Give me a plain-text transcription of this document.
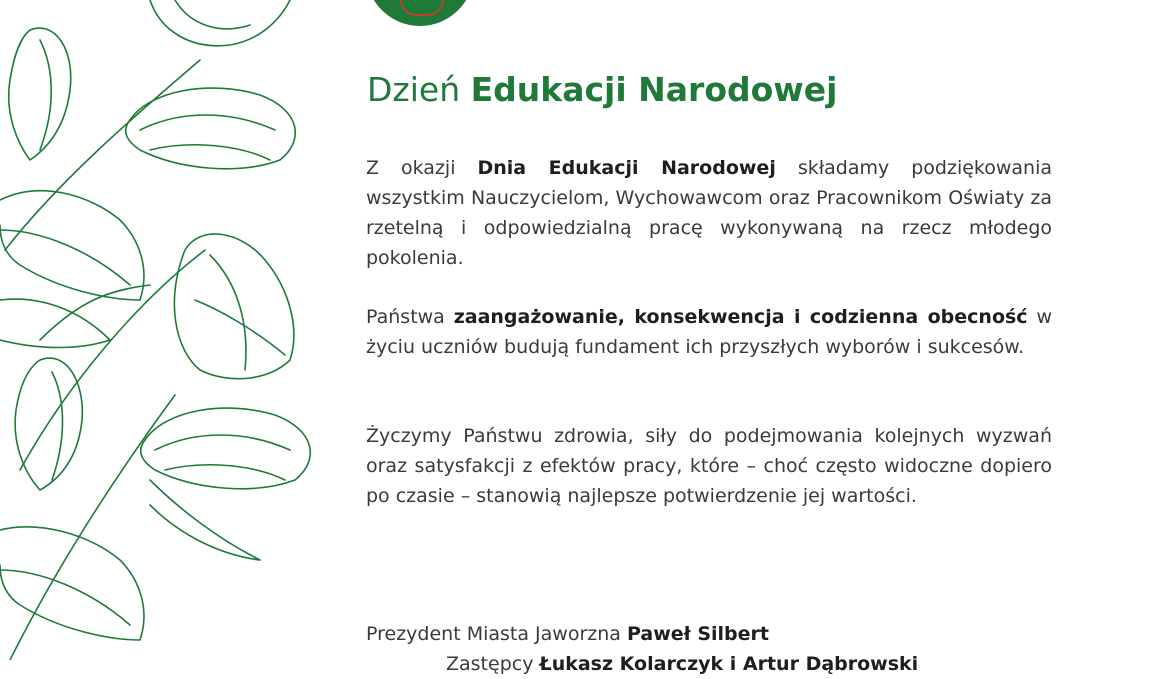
Dzień Edukacji Narodowej

Z okazji Dnia Edukacji Narodowej składamy podziękowania wszystkim Nauczycielom, Wychowawcom oraz Pracownikom Oświaty za rzetelną i odpowiedzialną pracę wykonywaną na rzecz młodego pokolenia.

Państwa zaangażowanie, konsekwencja i codzienna obecność w życiu uczniów budują fundament ich przyszłych wyborów i sukcesów.

Życzymy Państwu zdrowia, siły do podejmowania kolejnych wyzwań oraz satysfakcji z efektów pracy, które – choć często widoczne dopiero po czasie – stanowią najlepsze potwierdzenie jej wartości.

Prezydent Miasta Jaworzna Paweł Silbert

Zastępcy Łukasz Kolarczyk i Artur Dąbrowski
